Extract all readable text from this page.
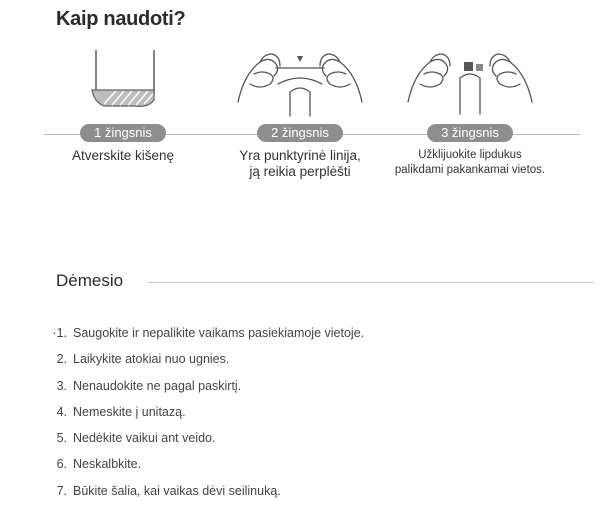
Kaip naudoti?
1 žingsnis
Atverskite kišenę
2 žingsnis
Yra punktyrinė linija,
ją reikia perplėšti
3 žingsnis
Užklijuokite lipdukus
palikdami pakankamai vietos.
Dėmesio
·1. Saugokite ir nepalikite vaikams pasiekiamoje vietoje.
2. Laikykite atokiai nuo ugnies.
3. Nenaudokite ne pagal paskirtį.
4. Nemeskite į unitazą.
5. Nedėkite vaikui ant veido.
6. Neskalbkite.
7. Būkite šalia, kai vaikas dėvi seilinuką.
